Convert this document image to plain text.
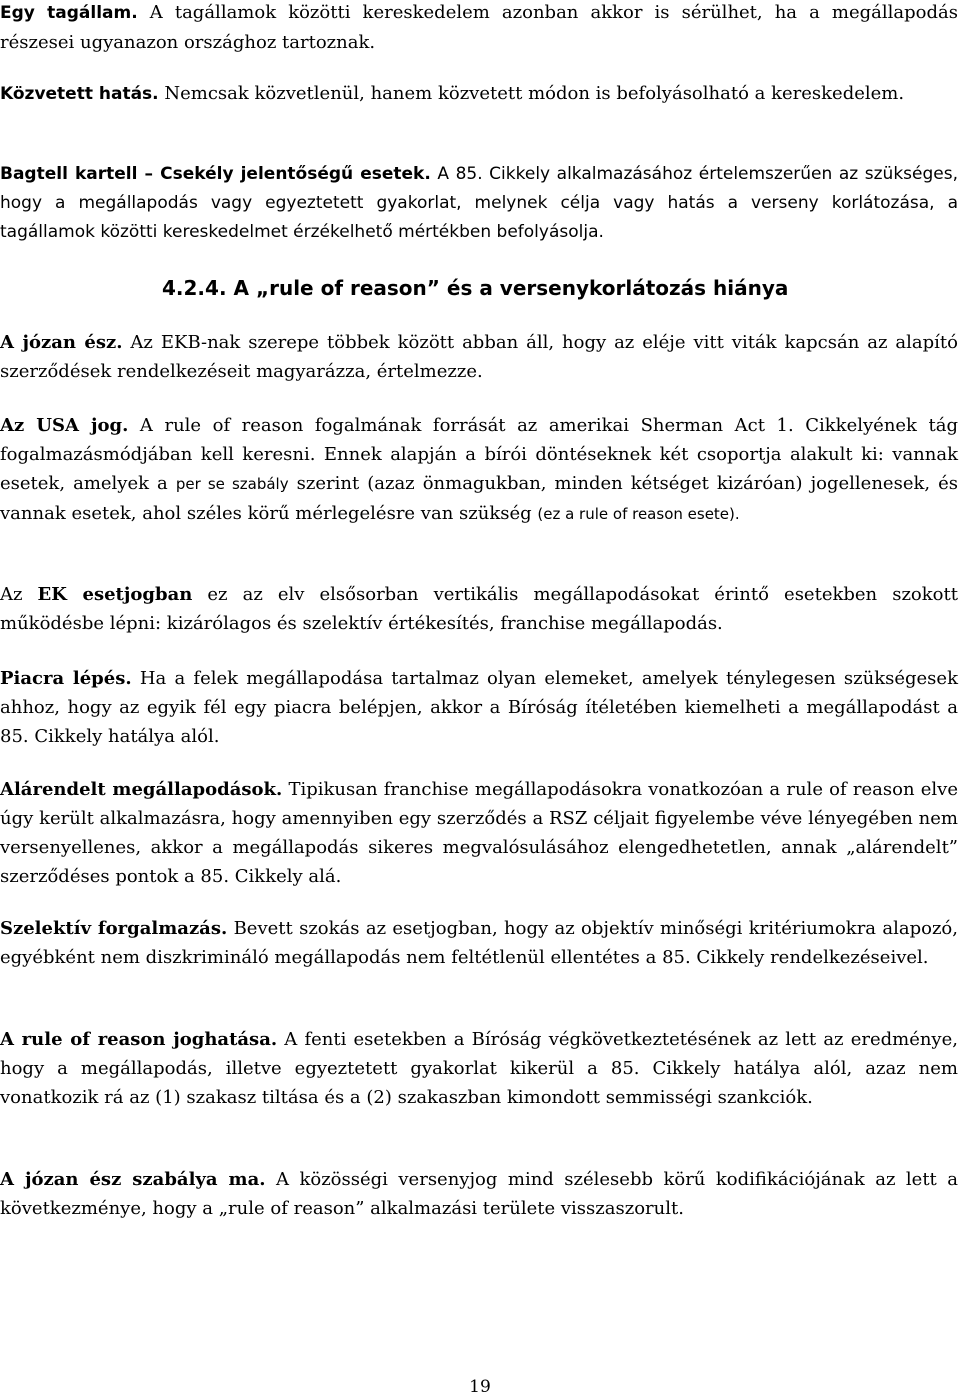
Egy tagállam. A tagállamok közötti kereskedelem azonban akkor is sérülhet, ha a megállapodás részesei ugyanazon országhoz tartoznak.

Közvetett hatás. Nemcsak közvetlenül, hanem közvetett módon is befolyásolható a kereskedelem.

Bagtell kartell – Csekély jelentőségű esetek. A 85. Cikkely alkalmazásához értelemszerűen az szükséges, hogy a megállapodás vagy egyeztetett gyakorlat, melynek célja vagy hatás a verseny korlátozása, a tagállamok közötti kereskedelmet érzékelhető mértékben befolyásolja.

4.2.4. A „rule of reason” és a versenykorlátozás hiánya

A józan ész. Az EKB-nak szerepe többek között abban áll, hogy az eléje vitt viták kapcsán az alapító szerződések rendelkezéseit magyarázza, értelmezze.

Az USA jog. A rule of reason fogalmának forrását az amerikai Sherman Act 1. Cikkelyének tág fogalmazásmódjában kell keresni. Ennek alapján a bírói döntéseknek két csoportja alakult ki: vannak esetek, amelyek a per se szabály szerint (azaz önmagukban, minden kétséget kizáróan) jogellenesek, és vannak esetek, ahol széles körű mérlegelésre van szükség (ez a rule of reason esete).

Az EK esetjogban ez az elv elsősorban vertikális megállapodásokat érintő esetekben szokott működésbe lépni: kizárólagos és szelektív értékesítés, franchise megállapodás.

Piacra lépés. Ha a felek megállapodása tartalmaz olyan elemeket, amelyek ténylegesen szükségesek ahhoz, hogy az egyik fél egy piacra belépjen, akkor a Bíróság ítéletében kiemelheti a megállapodást a 85. Cikkely hatálya alól.

Alárendelt megállapodások. Tipikusan franchise megállapodásokra vonatkozóan a rule of reason elve úgy került alkalmazásra, hogy amennyiben egy szerződés a RSZ céljait figyelembe véve lényegében nem versenyellenes, akkor a megállapodás sikeres megvalósulásához elengedhetetlen, annak „alárendelt” szerződéses pontok a 85. Cikkely alá.

Szelektív forgalmazás. Bevett szokás az esetjogban, hogy az objektív minőségi kritériumokra alapozó, egyébként nem diszkrimináló megállapodás nem feltétlenül ellentétes a 85. Cikkely rendelkezéseivel.

A rule of reason joghatása. A fenti esetekben a Bíróság végkövetkeztetésének az lett az eredménye, hogy a megállapodás, illetve egyeztetett gyakorlat kikerül a 85. Cikkely hatálya alól, azaz nem vonatkozik rá az (1) szakasz tiltása és a (2) szakaszban kimondott semmisségi szankciók.

A józan ész szabálya ma. A közösségi versenyjog mind szélesebb körű kodifikációjának az lett a következménye, hogy a „rule of reason” alkalmazási területe visszaszorult.

19
